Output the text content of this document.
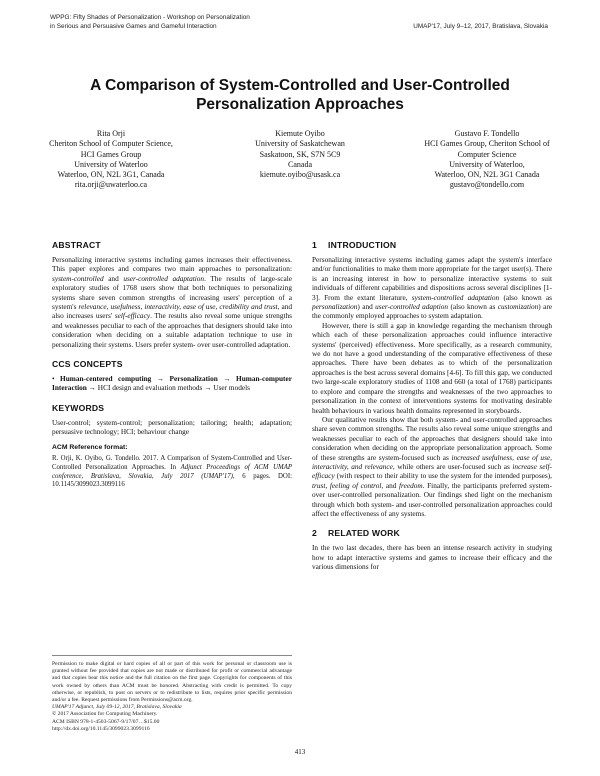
WPPG: Fifty Shades of Personalization - Workshop on Personalization
in Serious and Persuasive Games and Gameful Interaction	UMAP'17, July 9–12, 2017, Bratislava, Slovakia
A Comparison of System-Controlled and User-Controlled
Personalization Approaches
Rita Orji
Cheriton School of Computer Science,
HCI Games Group
University of Waterloo
Waterloo, ON, N2L 3G1, Canada
rita.orji@uwaterloo.ca
Kiemute Oyibo
University of Saskatchewan
Saskatoon, SK, S7N 5C9
Canada
kiemute.oyibo@usask.ca
Gustavo F. Tondello
HCI Games Group, Cheriton School of
Computer Science
University of Waterloo,
Waterloo, ON, N2L 3G1 Canada
gustavo@tondello.com
ABSTRACT

Personalizing interactive systems including games increases their effectiveness. This paper explores and compares two main approaches to personalization: system-controlled and user-controlled adaptation. The results of large-scale exploratory studies of 1768 users show that both techniques to personalizing systems share seven common strengths of increasing users' perception of a system's relevance, usefulness, interactivity, ease of use, credibility and trust, and also increases users' self-efficacy. The results also reveal some unique strengths and weaknesses peculiar to each of the approaches that designers should take into consideration when deciding on a suitable adaptation technique to use in personalizing their systems. Users prefer system- over user-controlled adaptation.

CCS CONCEPTS

• Human-centered computing → Personalization → Human-computer Interaction → HCI design and evaluation methods → User models

KEYWORDS

User-control; system-control; personalization; tailoring; health; adaptation; persuasive technology; HCI; behaviour change

ACM Reference format:

R. Orji, K. Oyibo, G. Tondello. 2017. A Comparison of System-Controlled and User-Controlled Personalization Approaches. In Adjunct Proceedings of ACM UMAP conference, Bratislava, Slovakia, July 2017 (UMAP'17), 6 pages. DOI: 10.1145/3099023.3099116

Permission to make digital or hard copies of all or part of this work for personal or classroom use is granted without fee provided that copies are not made or distributed for profit or commercial advantage and that copies bear this notice and the full citation on the first page. Copyrights for components of this work owned by others than ACM must be honored. Abstracting with credit is permitted. To copy otherwise, or republish, to post on servers or to redistribute to lists, requires prior specific permission and/or a fee. Request permissions from Permissions@acm.org.
UMAP'17 Adjunct, July 09-12, 2017, Bratislava, Slovakia
© 2017 Association for Computing Machinery.
ACM ISBN 978-1-4503-5067-9/17/07…$15.00
http://dx.doi.org/10.1145/3099023.3099116
1 INTRODUCTION

Personalizing interactive systems including games adapt the system's interface and/or functionalities to make them more appropriate for the target user(s). There is an increasing interest in how to personalize interactive systems to suit individuals of different capabilities and dispositions across several disciplines [1-3]. From the extant literature, system-controlled adaptation (also known as personalization) and user-controlled adaption (also known as customization) are the commonly employed approaches to system adaptation.

However, there is still a gap in knowledge regarding the mechanism through which each of these personalization approaches could influence interactive systems' (perceived) effectiveness. More specifically, as a research community, we do not have a good understanding of the comparative effectiveness of these approaches. There have been debates as to which of the personalization approaches is the best across several domains [4-6]. To fill this gap, we conducted two large-scale exploratory studies of 1108 and 660 (a total of 1768) participants to explore and compare the strengths and weaknesses of the two approaches to personalization in the context of interventions systems for motivating desirable health behaviours in various health domains represented in storyboards.

Our qualitative results show that both system- and user-controlled approaches share seven common strengths. The results also reveal some unique strengths and weaknesses peculiar to each of the approaches that designers should take into consideration when deciding on the appropriate personalization approach. Some of these strengths are system-focused such as increased usefulness, ease of use, interactivity, and relevance, while others are user-focused such as increase self-efficacy (with respect to their ability to use the system for the intended purposes), trust, feeling of control, and freedom. Finally, the participants preferred system- over user-controlled personalization. Our findings shed light on the mechanism through which both system- and user-controlled personalization approaches could affect the effectiveness of any systems.

2 RELATED WORK

In the two last decades, there has been an intense research activity in studying how to adapt interactive systems and games to increase their efficacy and the various dimensions for

413
